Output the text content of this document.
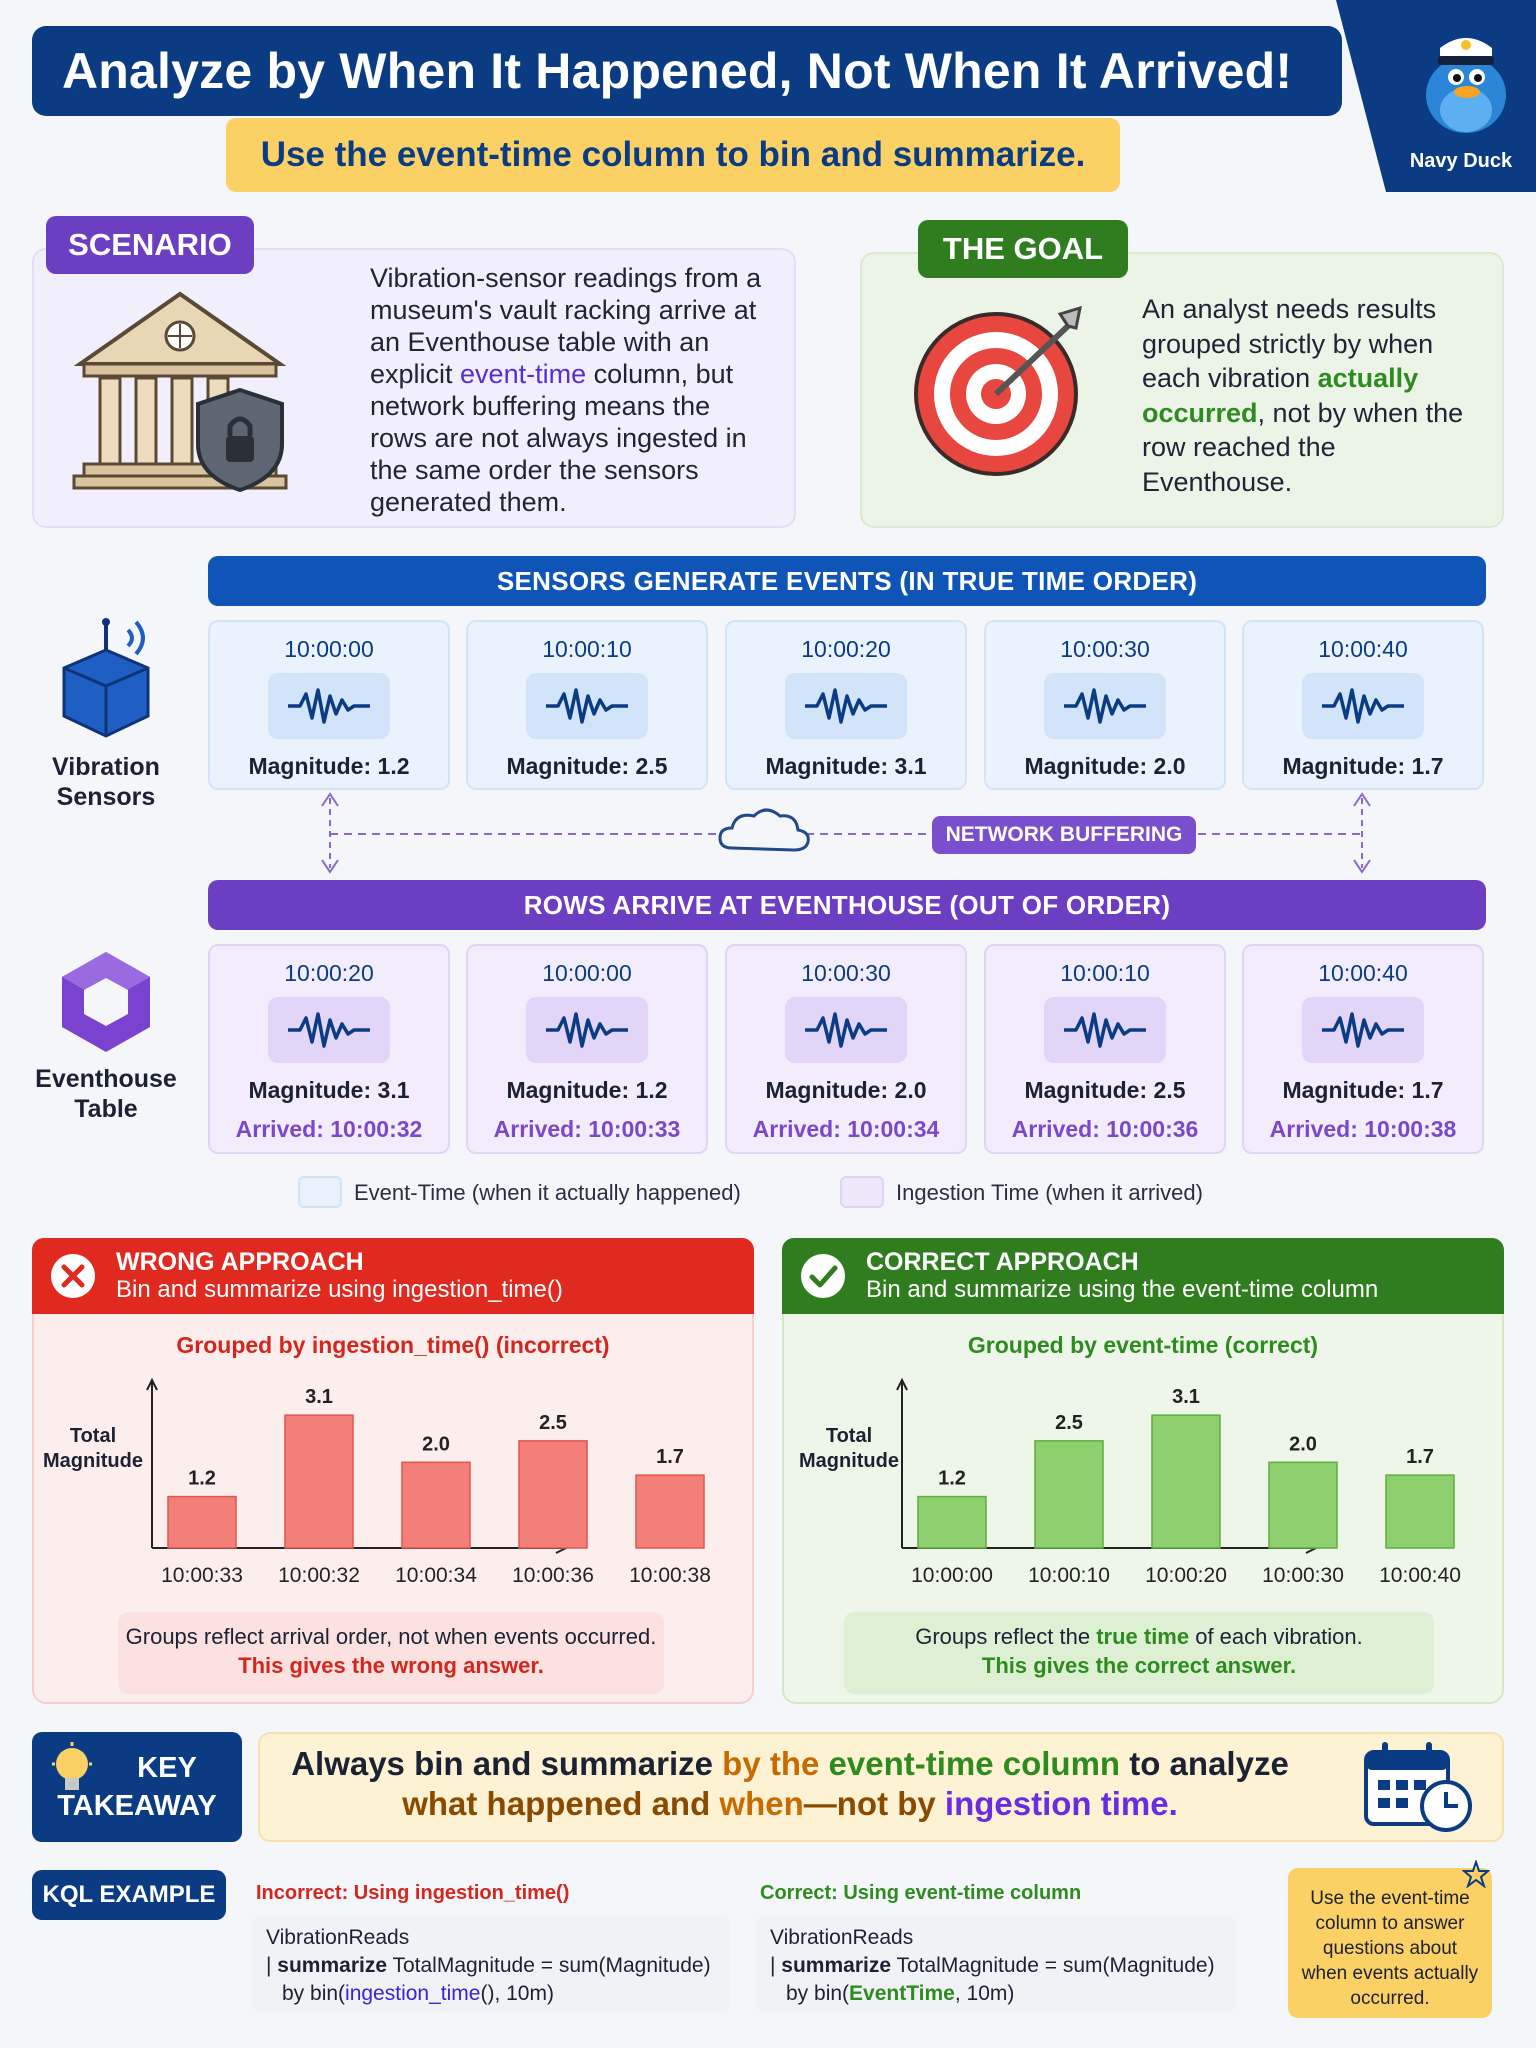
Analyze by When It Happened, Not When It Arrived!
Use the event-time column to bin and summarize.	Navy Duck
SCENARIO
Vibration-sensor readings from a museum's vault racking arrive at an Eventhouse table with an explicit event-time column, but network buffering means the rows are not always ingested in the same order the sensors generated them.
THE GOAL
An analyst needs results grouped strictly by when each vibration actually occurred, not by when the row reached the Eventhouse.
SENSORS GENERATE EVENTS (IN TRUE TIME ORDER)
Vibration Sensors
10:00:00
Magnitude: 1.2
10:00:10
Magnitude: 2.5
10:00:20
Magnitude: 3.1
10:00:30
Magnitude: 2.0
10:00:40
Magnitude: 1.7
NETWORK BUFFERING
ROWS ARRIVE AT EVENTHOUSE (OUT OF ORDER)
Eventhouse Table
10:00:20
Magnitude: 3.1
Arrived: 10:00:32
10:00:00
Magnitude: 1.2
Arrived: 10:00:33
10:00:30
Magnitude: 2.0
Arrived: 10:00:34
10:00:10
Magnitude: 2.5
Arrived: 10:00:36
10:00:40
Magnitude: 1.7
Arrived: 10:00:38
Event-Time (when it actually happened)	Ingestion Time (when it arrived)
WRONG APPROACH
Bin and summarize using ingestion_time()
Grouped by ingestion_time() (incorrect)
Total Magnitude
1.2
10:00:33
3.1
10:00:32
2.0
10:00:34
2.5
10:00:36
1.7
10:00:38
Groups reflect arrival order, not when events occurred.
This gives the wrong answer.
CORRECT APPROACH
Bin and summarize using the event-time column
Grouped by event-time (correct)
Total Magnitude
1.2
10:00:00
2.5
10:00:10
3.1
10:00:20
2.0
10:00:30
1.7
10:00:40
Groups reflect the true time of each vibration.
This gives the correct answer.
KEY
TAKEAWAY
Always bin and summarize by the event-time column to analyze
what happened and when—not by ingestion time.
KQL EXAMPLE	Incorrect: Using ingestion_time()
VibrationReads
| summarize TotalMagnitude = sum(Magnitude)
by bin(ingestion_time(), 10m)
Correct: Using event-time column
VibrationReads
| summarize TotalMagnitude = sum(Magnitude)
by bin(EventTime, 10m)
Use the event-time column to answer questions about when events actually occurred.
